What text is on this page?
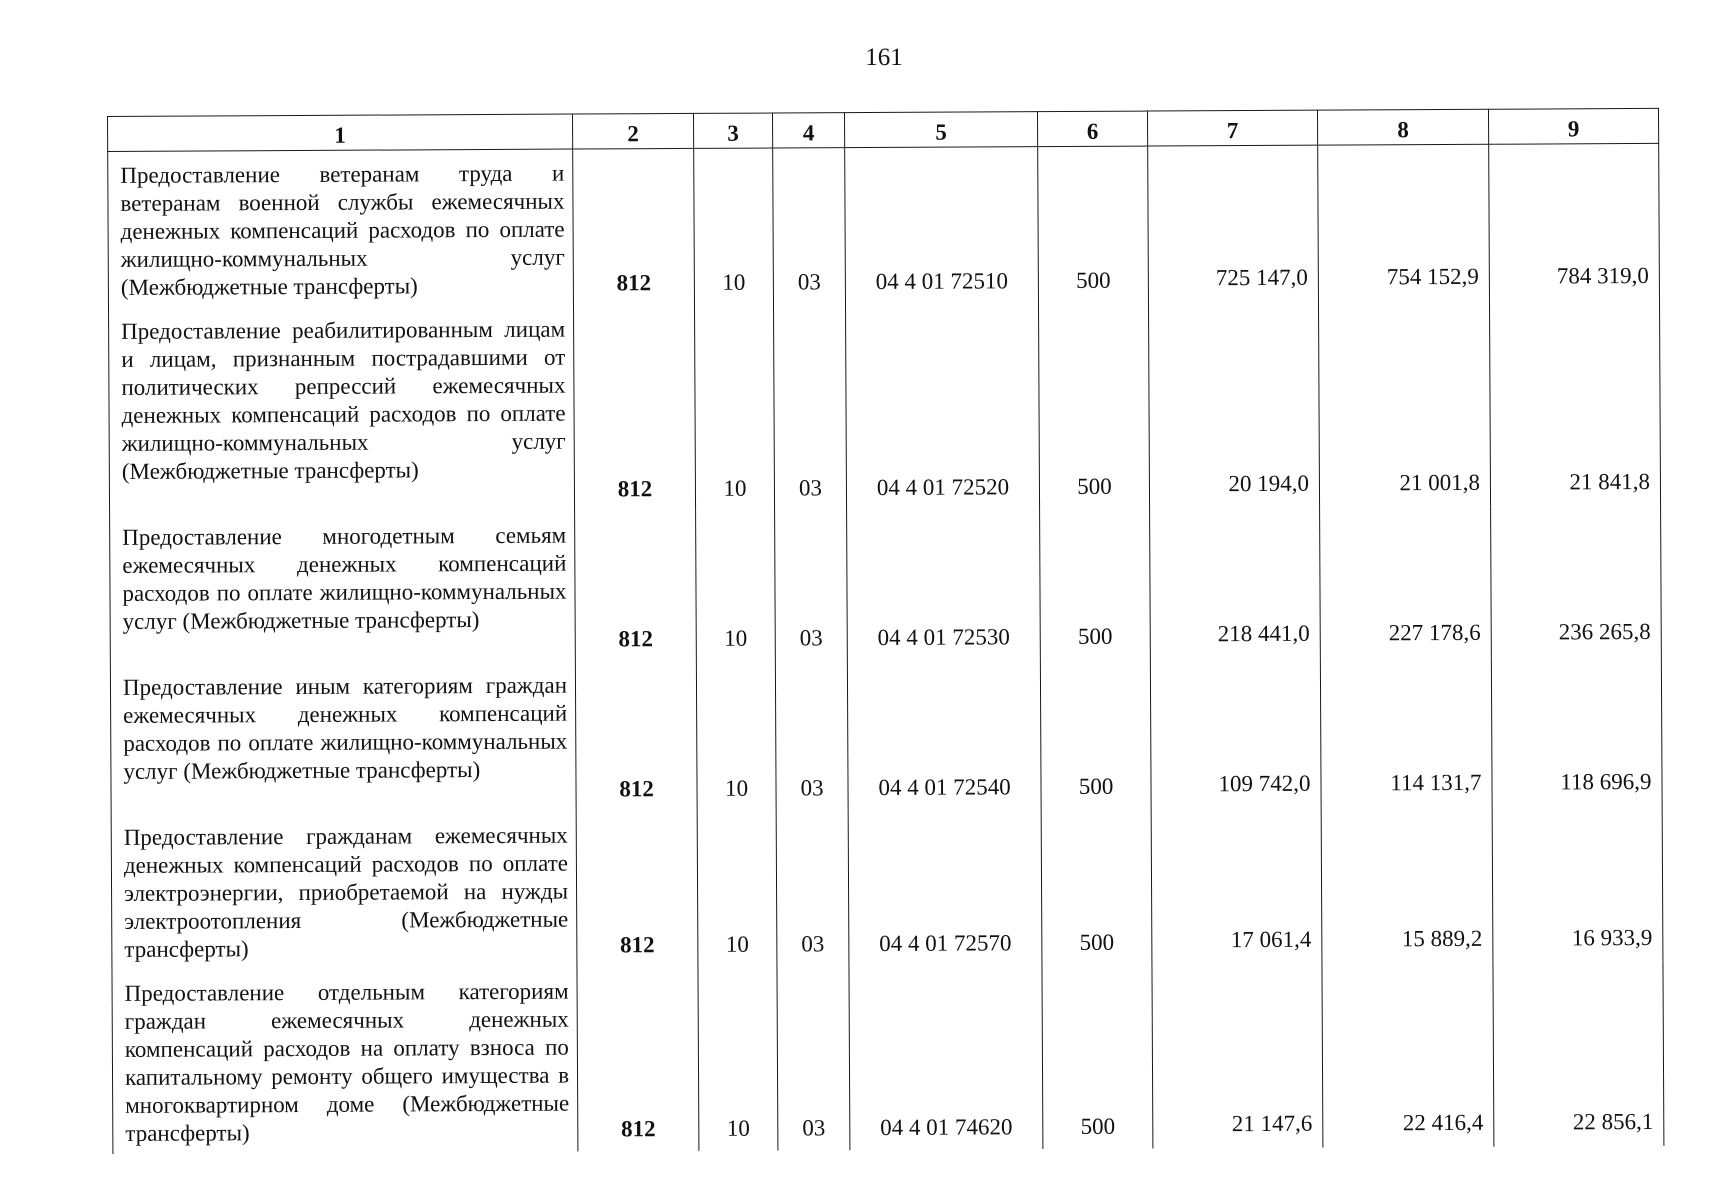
161
1	2	3	4	5	6	7	8	9
Предоставление ветеранам труда и ветеранам военной службы ежемесячных денежных компенсаций расходов по оплате жилищно-коммунальных услуг (Межбюджетные трансферты)	812	10	03	04 4 01 72510	500	725 147,0	754 152,9	784 319,0
Предоставление реабилитированным лицам и лицам, признанным пострадавшими от политических репрессий ежемесячных денежных компенсаций расходов по оплате жилищно-коммунальных услуг (Межбюджетные трансферты)	812	10	03	04 4 01 72520	500	20 194,0	21 001,8	21 841,8
Предоставление многодетным семьям ежемесячных денежных компенсаций расходов по оплате жилищно-коммунальных услуг (Межбюджетные трансферты)	812	10	03	04 4 01 72530	500	218 441,0	227 178,6	236 265,8
Предоставление иным категориям граждан ежемесячных денежных компенсаций расходов по оплате жилищно-коммунальных услуг (Межбюджетные трансферты)	812	10	03	04 4 01 72540	500	109 742,0	114 131,7	118 696,9
Предоставление гражданам ежемесячных денежных компенсаций расходов по оплате электроэнергии, приобретаемой на нужды электроотопления (Межбюджетные трансферты)	812	10	03	04 4 01 72570	500	17 061,4	15 889,2	16 933,9
Предоставление отдельным категориям граждан ежемесячных денежных компенсаций расходов на оплату взноса по капитальному ремонту общего имущества в многоквартирном доме (Межбюджетные трансферты)	812	10	03	04 4 01 74620	500	21 147,6	22 416,4	22 856,1
